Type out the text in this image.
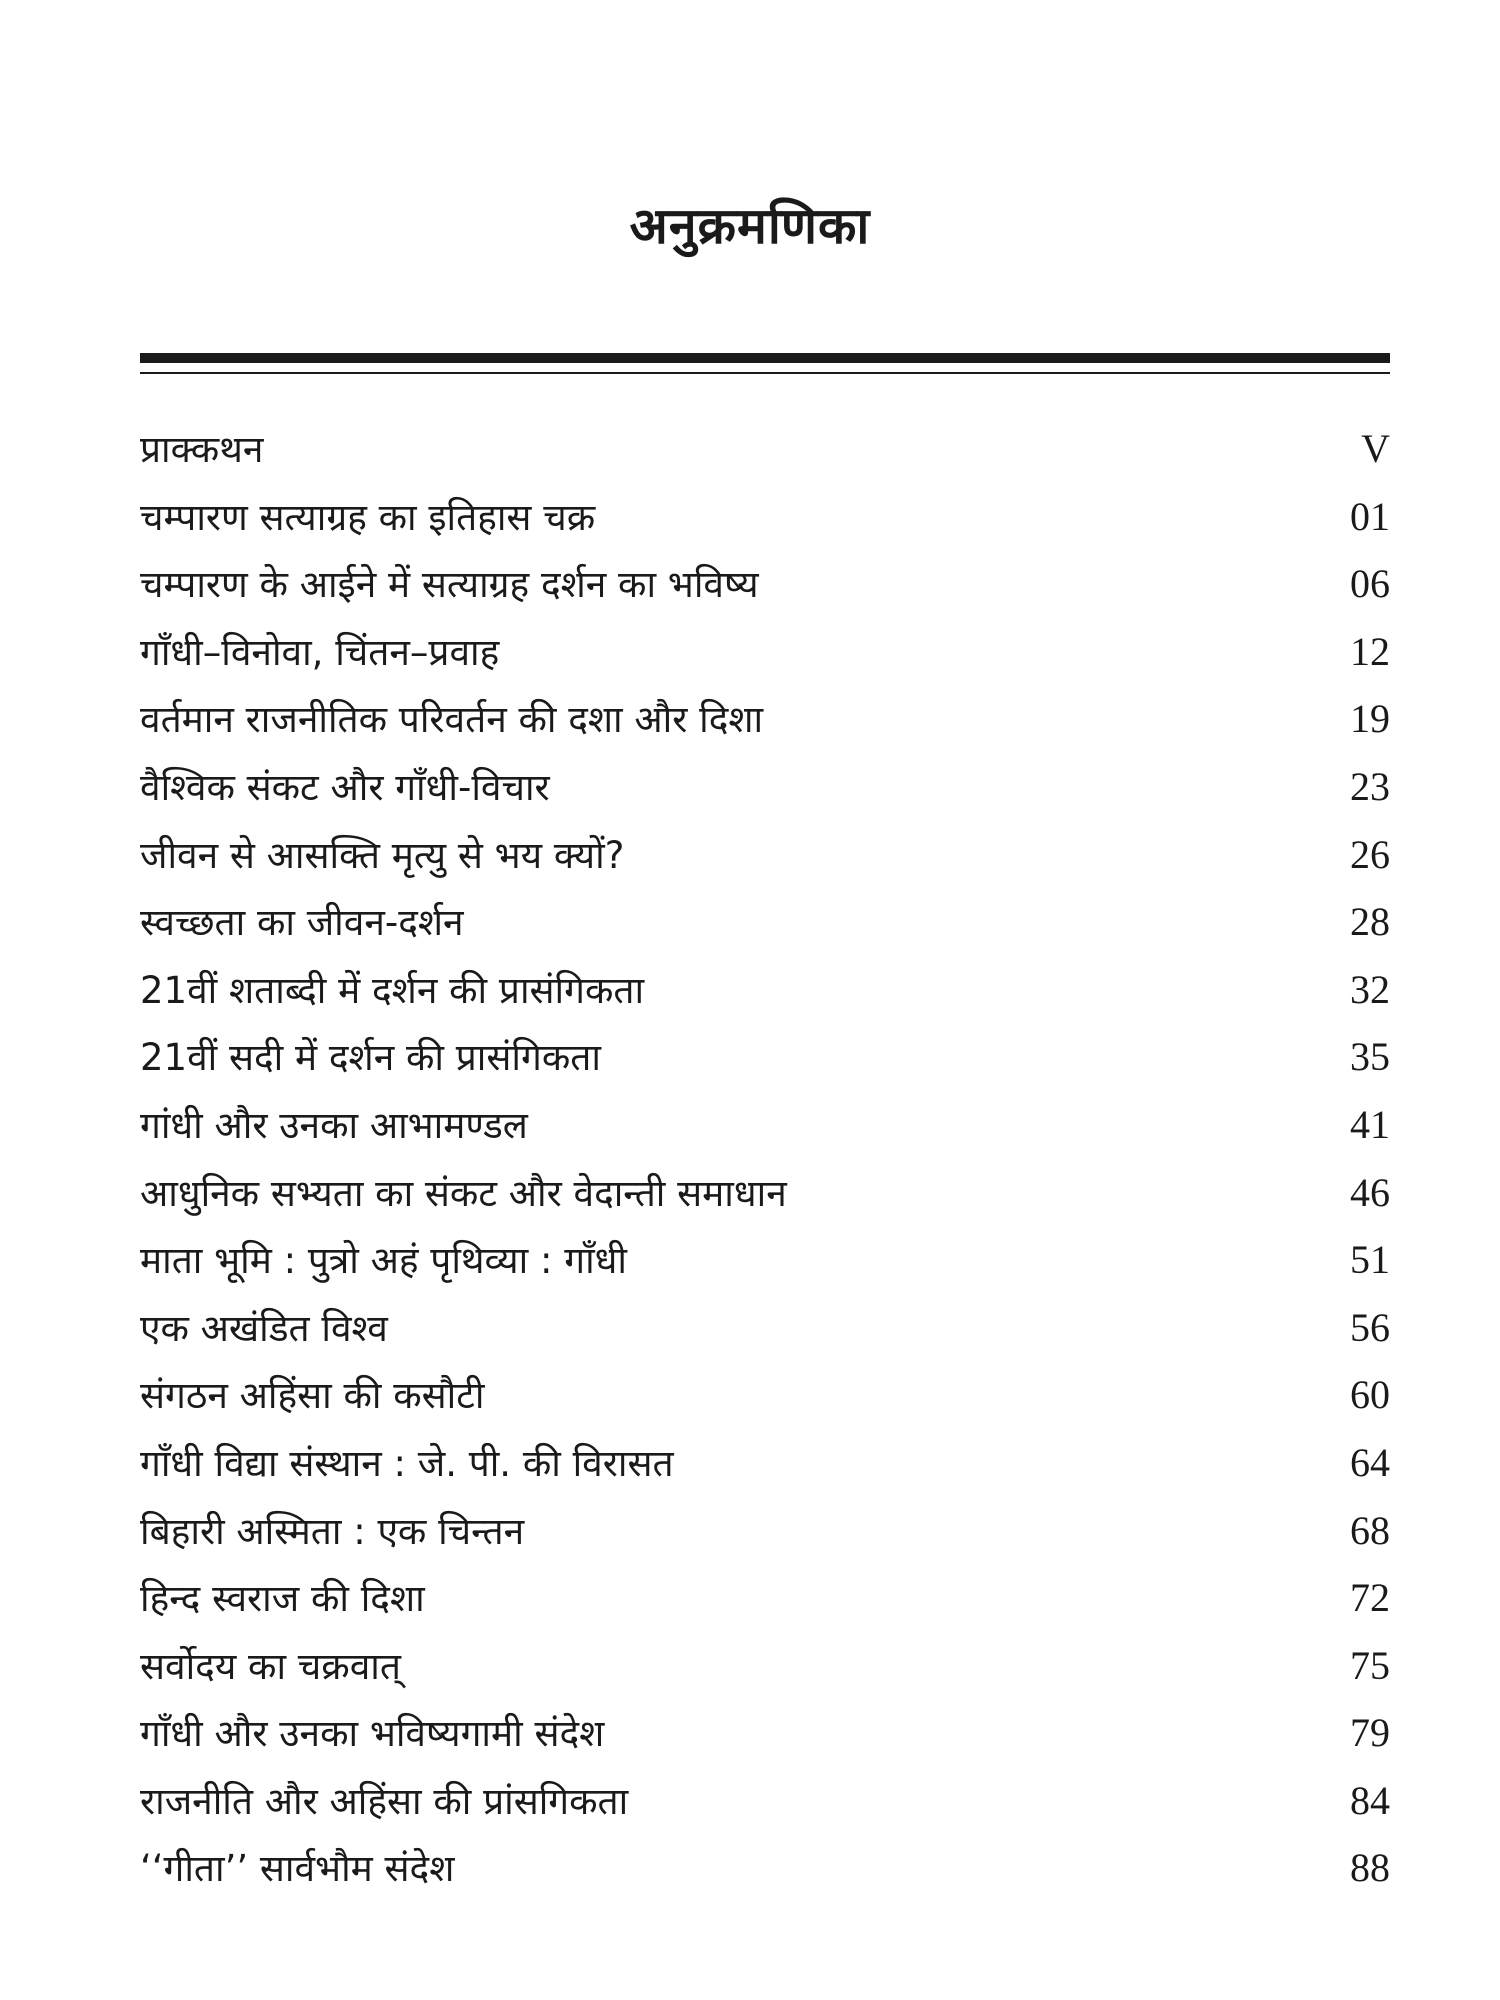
अनुक्रमणिका
प्राक्कथन	V
चम्पारण सत्याग्रह का इतिहास चक्र	01
चम्पारण के आईने में सत्याग्रह दर्शन का भविष्य	06
गाँधी–विनोवा, चिंतन–प्रवाह	12
वर्तमान राजनीतिक परिवर्तन की दशा और दिशा	19
वैश्विक संकट और गाँधी-विचार	23
जीवन से आसक्ति मृत्यु से भय क्यों?	26
स्वच्छता का जीवन-दर्शन	28
21वीं शताब्दी में दर्शन की प्रासंगिकता	32
21वीं सदी में दर्शन की प्रासंगिकता	35
गांधी और उनका आभामण्डल	41
आधुनिक सभ्यता का संकट और वेदान्ती समाधान	46
माता भूमि : पुत्रो अहं पृथिव्या : गाँधी	51
एक अखंडित विश्व	56
संगठन अहिंसा की कसौटी	60
गाँधी विद्या संस्थान : जे. पी. की विरासत	64
बिहारी अस्मिता : एक चिन्तन	68
हिन्द स्वराज की दिशा	72
सर्वोदय का चक्रवात्	75
गाँधी और उनका भविष्यगामी संदेश	79
राजनीति और अहिंसा की प्रांसगिकता	84
‘‘गीता’’ सार्वभौम संदेश	88
